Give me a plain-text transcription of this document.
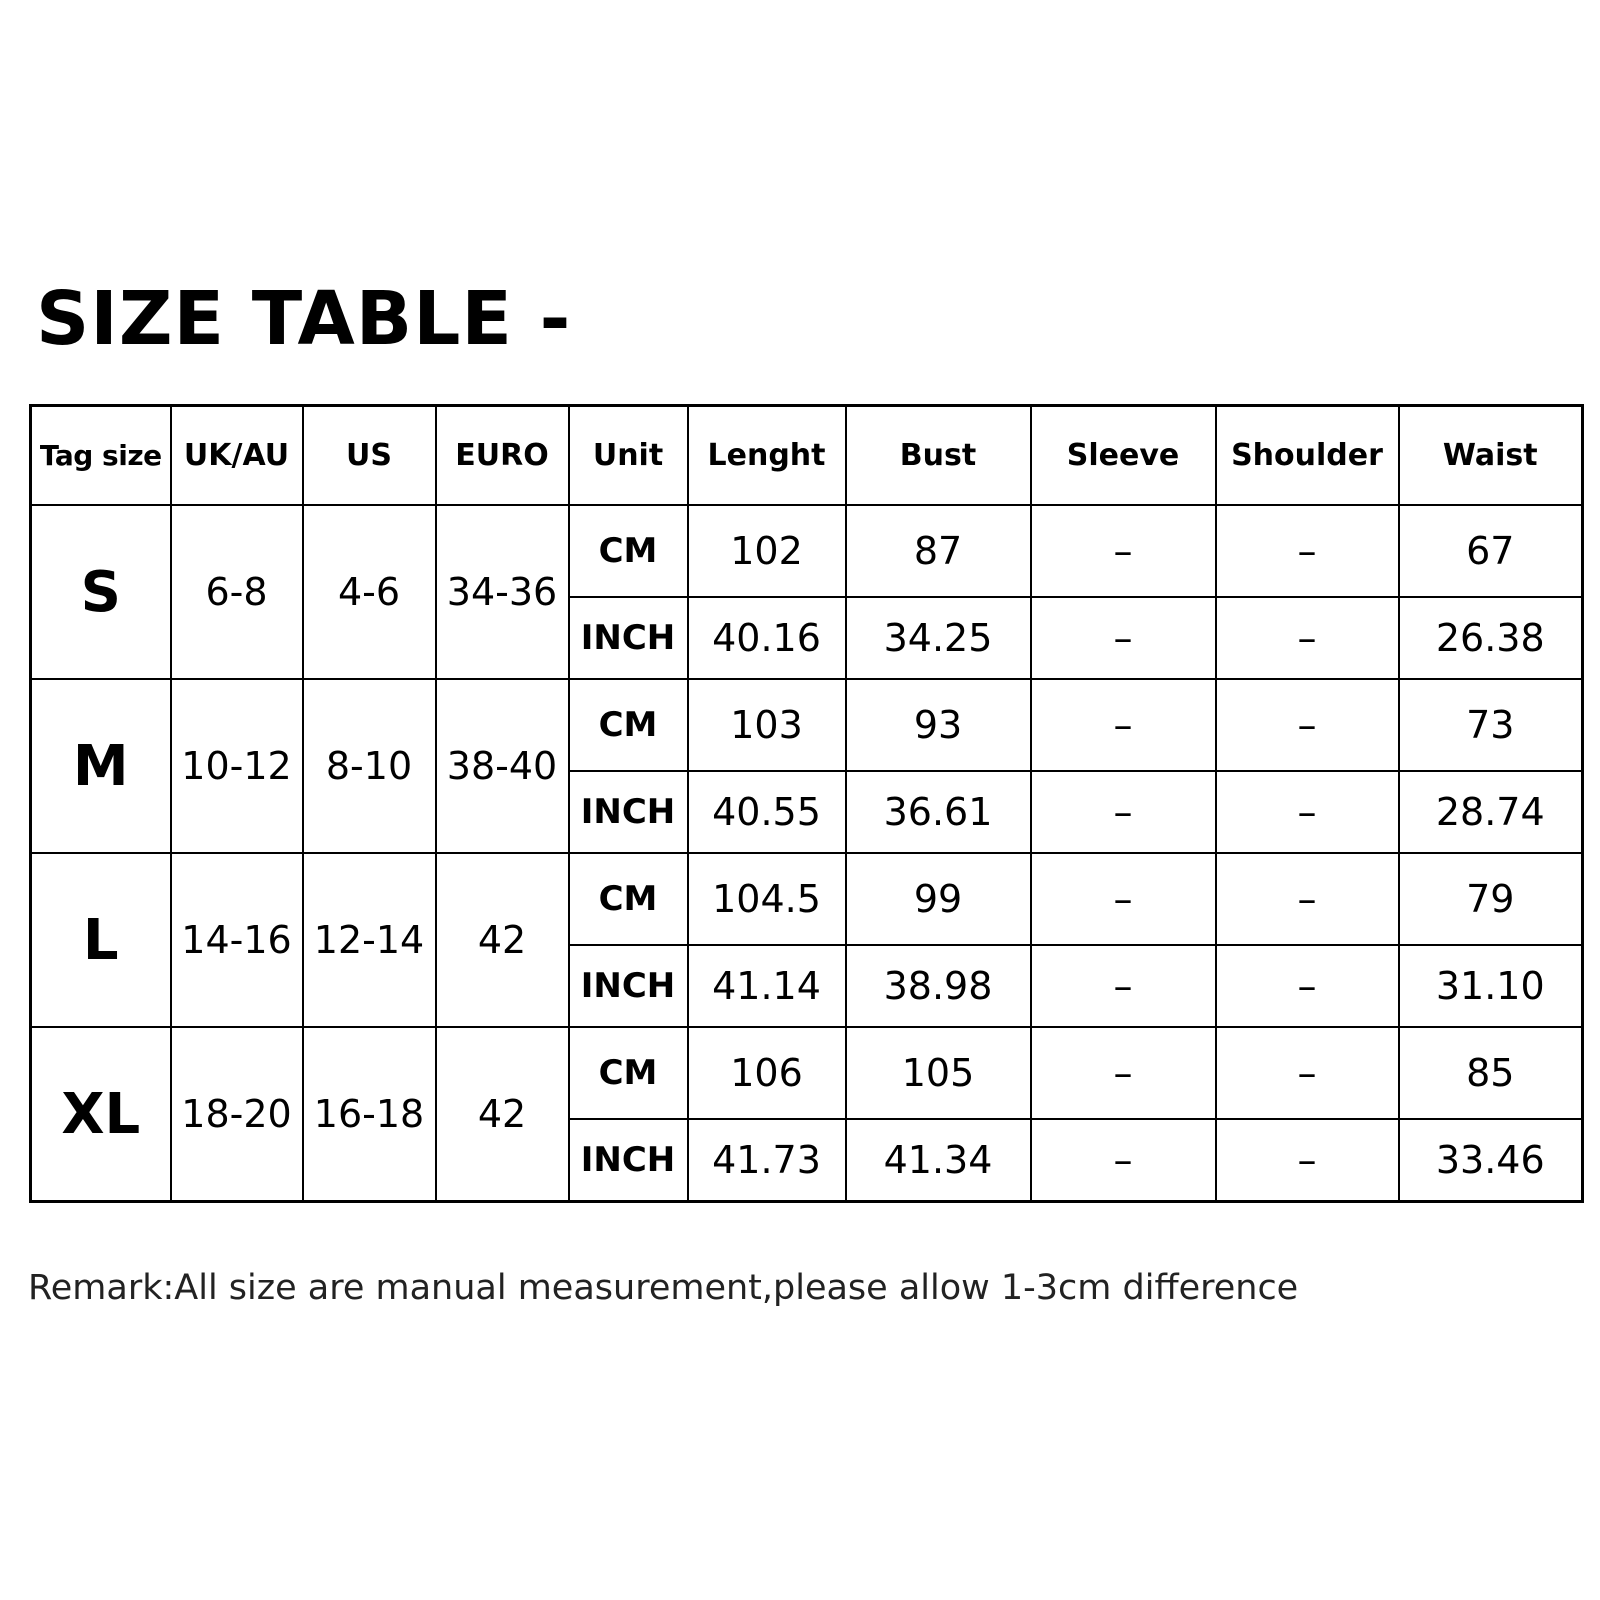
SIZE TABLE -
Tag size	UK/AU	US	EURO	Unit	Lenght	Bust	Sleeve	Shoulder	Waist
S	6-8	4-6	34-36	CM	102	87	–	–	67
				INCH	40.16	34.25	–	–	26.38
M	10-12	8-10	38-40	CM	103	93	–	–	73
				INCH	40.55	36.61	–	–	28.74
L	14-16	12-14	42	CM	104.5	99	–	–	79
				INCH	41.14	38.98	–	–	31.10
XL	18-20	16-18	42	CM	106	105	–	–	85
				INCH	41.73	41.34	–	–	33.46
Remark:All size are manual measurement,please allow 1-3cm difference
